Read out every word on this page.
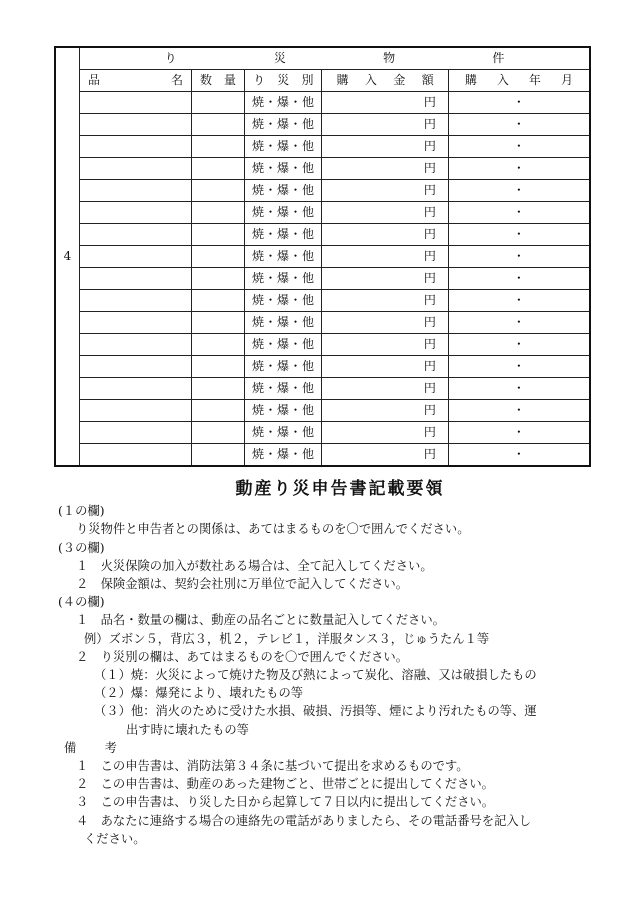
4	り 災 物 件				

	品 名	数 量	り 災 別	購 入 金 額	購 入 年 月

			焼・爆・他	円	・
			焼・爆・他	円	・
			焼・爆・他	円	・
			焼・爆・他	円	・
			焼・爆・他	円	・
			焼・爆・他	円	・
			焼・爆・他	円	・
			焼・爆・他	円	・
			焼・爆・他	円	・
			焼・爆・他	円	・
			焼・爆・他	円	・
			焼・爆・他	円	・
			焼・爆・他	円	・
			焼・爆・他	円	・
			焼・爆・他	円	・
			焼・爆・他	円	・
			焼・爆・他	円	・

動産り災申告書記載要領

(１の欄)

り災物件と申告者との関係は、あてはまるものを〇で囲んでください。

(３の欄)

１　火災保険の加入が数社ある場合は、全て記入してください。

２　保険金額は、契約会社別に万単位で記入してください。

(４の欄)

１　品名・数量の欄は、動産の品名ごとに数量記入してください。

例）ズボン５，背広３，机２，テレビ１，洋服タンス３，じゅうたん１等

２　り災別の欄は、あてはまるものを〇で囲んでください。

（１）焼：火災によって焼けた物及び熱によって炭化、溶融、又は破損したもの

（２）爆：爆発により、壊れたもの等

（３）他：消火のために受けた水損、破損、汚損等、煙により汚れたもの等、運

出す時に壊れたもの等

備　考

１　この申告書は、消防法第３４条に基づいて提出を求めるものです。

２　この申告書は、動産のあった建物ごと、世帯ごとに提出してください。

３　この申告書は、り災した日から起算して７日以内に提出してください。

４　あなたに連絡する場合の連絡先の電話がありましたら、その電話番号を記入し

ください。
